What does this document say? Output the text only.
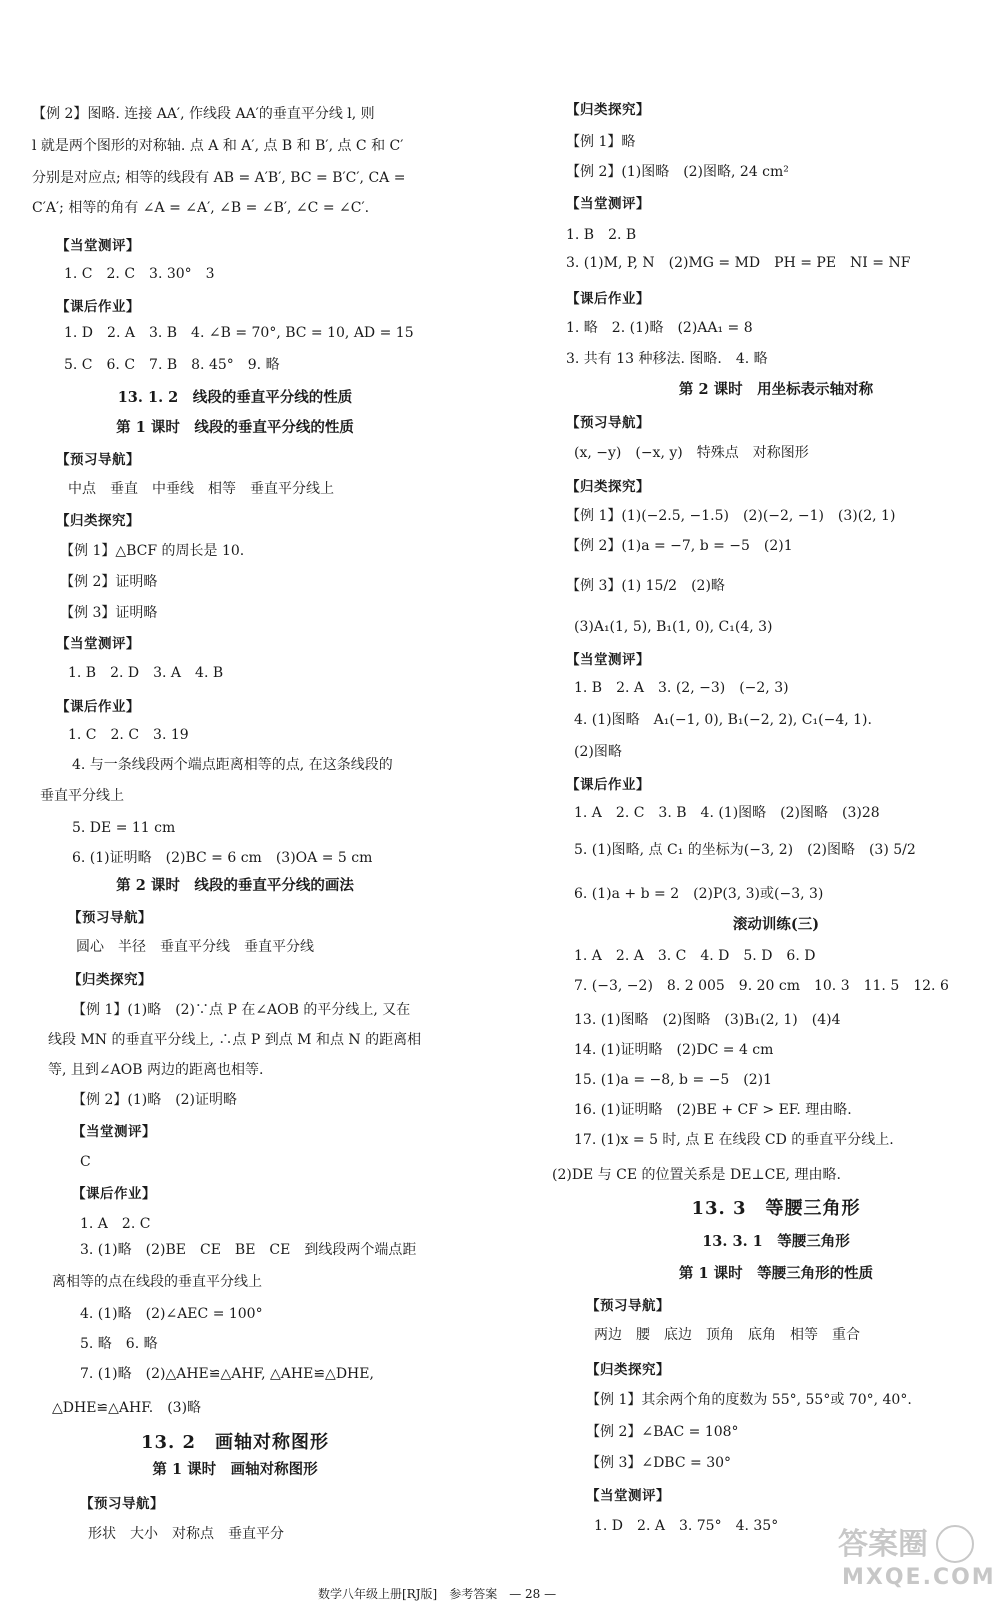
【例 2】图略. 连接 AA′, 作线段 AA′的垂直平分线 l, 则
l 就是两个图形的对称轴. 点 A 和 A′, 点 B 和 B′, 点 C 和 C′
分别是对应点; 相等的线段有 AB = A′B′, BC = B′C′, CA =
C′A′; 相等的角有 ∠A = ∠A′, ∠B = ∠B′, ∠C = ∠C′.
【当堂测评】
1. C　2. C　3. 30°　3
【课后作业】
1. D　2. A　3. B　4. ∠B = 70°, BC = 10, AD = 15
5. C　6. C　7. B　8. 45°　9. 略
13. 1. 2　线段的垂直平分线的性质
第 1 课时　线段的垂直平分线的性质
【预习导航】
中点　垂直　中垂线　相等　垂直平分线上
【归类探究】
【例 1】△BCF 的周长是 10.
【例 2】证明略
【例 3】证明略
【当堂测评】
1. B　2. D　3. A　4. B
【课后作业】
1. C　2. C　3. 19
4. 与一条线段两个端点距离相等的点, 在这条线段的
垂直平分线上
5. DE = 11 cm
6. (1)证明略　(2)BC = 6 cm　(3)OA = 5 cm
第 2 课时　线段的垂直平分线的画法
【预习导航】
圆心　半径　垂直平分线　垂直平分线
【归类探究】
【例 1】(1)略　(2)∵点 P 在∠AOB 的平分线上, 又在
线段 MN 的垂直平分线上, ∴点 P 到点 M 和点 N 的距离相
等, 且到∠AOB 两边的距离也相等.
【例 2】(1)略　(2)证明略
【当堂测评】
C
【课后作业】
1. A　2. C
3. (1)略　(2)BE　CE　BE　CE　到线段两个端点距
离相等的点在线段的垂直平分线上
4. (1)略　(2)∠AEC = 100°
5. 略　6. 略
7. (1)略　(2)△AHE≌△AHF, △AHE≌△DHE,
△DHE≌△AHF.　(3)略
13. 2　画轴对称图形
第 1 课时　画轴对称图形
【预习导航】
形状　大小　对称点　垂直平分
【归类探究】
【例 1】略
【例 2】(1)图略　(2)图略, 24 cm²
【当堂测评】
1. B　2. B
3. (1)M, P, N　(2)MG = MD　PH = PE　NI = NF
【课后作业】
1. 略　2. (1)略　(2)AA₁ = 8
3. 共有 13 种移法. 图略.　4. 略
第 2 课时　用坐标表示轴对称
【预习导航】
(x, −y)　(−x, y)　特殊点　对称图形
【归类探究】
【例 1】(1)(−2.5, −1.5)　(2)(−2, −1)　(3)(2, 1)
【例 2】(1)a = −7, b = −5　(2)1
【例 3】(1) 15/2　(2)略
(3)A₁(1, 5), B₁(1, 0), C₁(4, 3)
【当堂测评】
1. B　2. A　3. (2, −3)　(−2, 3)
4. (1)图略　A₁(−1, 0), B₁(−2, 2), C₁(−4, 1).
(2)图略
【课后作业】
1. A　2. C　3. B　4. (1)图略　(2)图略　(3)28
5. (1)图略, 点 C₁ 的坐标为(−3, 2)　(2)图略　(3) 5/2
6. (1)a + b = 2　(2)P(3, 3)或(−3, 3)
滚动训练(三)
1. A　2. A　3. C　4. D　5. D　6. D
7. (−3, −2)　8. 2 005　9. 20 cm　10. 3　11. 5　12. 6
13. (1)图略　(2)图略　(3)B₁(2, 1)　(4)4
14. (1)证明略　(2)DC = 4 cm
15. (1)a = −8, b = −5　(2)1
16. (1)证明略　(2)BE + CF > EF. 理由略.
17. (1)x = 5 时, 点 E 在线段 CD 的垂直平分线上.
(2)DE 与 CE 的位置关系是 DE⊥CE, 理由略.
13. 3　等腰三角形
13. 3. 1　等腰三角形
第 1 课时　等腰三角形的性质
【预习导航】
两边　腰　底边　顶角　底角　相等　重合
【归类探究】
【例 1】其余两个角的度数为 55°, 55°或 70°, 40°.
【例 2】∠BAC = 108°
【例 3】∠DBC = 30°
【当堂测评】
1. D　2. A　3. 75°　4. 35°
数学八年级上册[RJ版]　参考答案　— 28 —
答案圈
MXQE.COM
